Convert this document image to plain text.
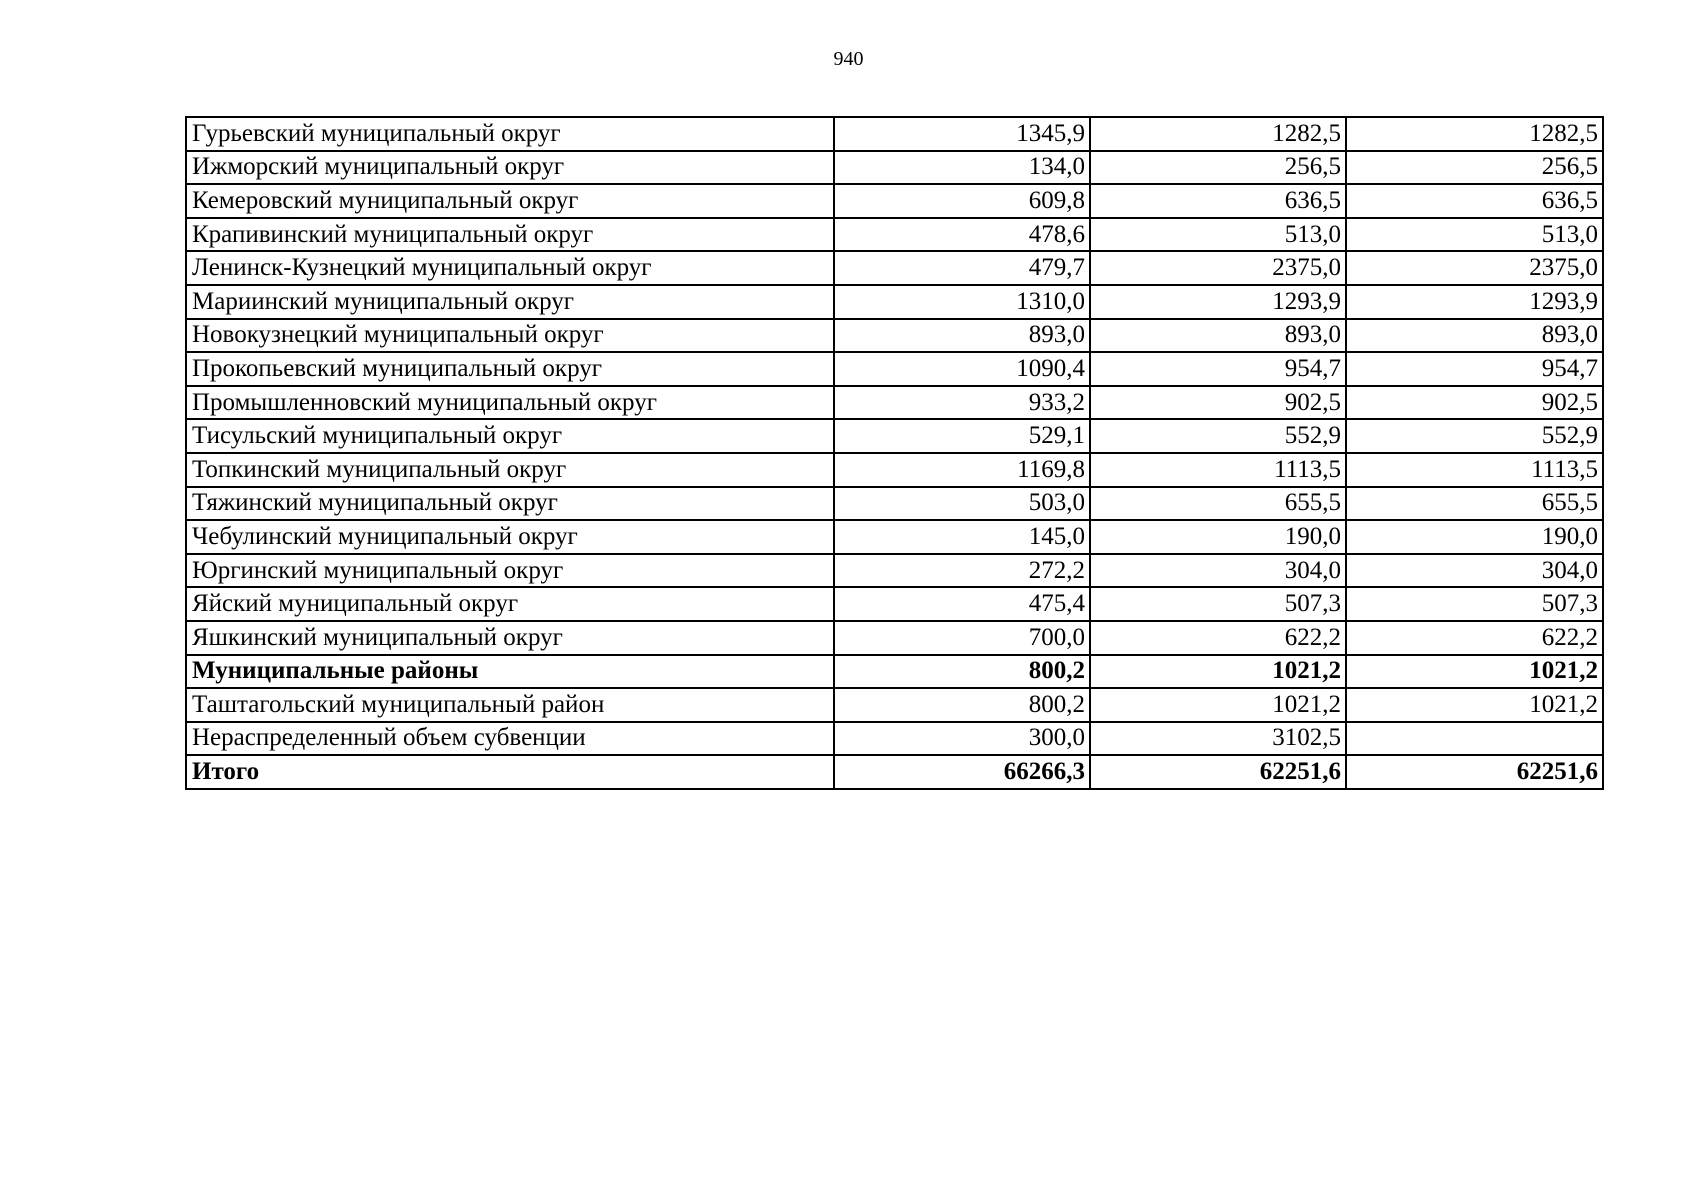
940
Гурьевский муниципальный округ	1345,9	1282,5	1282,5
Ижморский муниципальный округ	134,0	256,5	256,5
Кемеровский муниципальный округ	609,8	636,5	636,5
Крапивинский муниципальный округ	478,6	513,0	513,0
Ленинск-Кузнецкий муниципальный округ	479,7	2375,0	2375,0
Мариинский муниципальный округ	1310,0	1293,9	1293,9
Новокузнецкий муниципальный округ	893,0	893,0	893,0
Прокопьевский муниципальный округ	1090,4	954,7	954,7
Промышленновский муниципальный округ	933,2	902,5	902,5
Тисульский муниципальный округ	529,1	552,9	552,9
Топкинский муниципальный округ	1169,8	1113,5	1113,5
Тяжинский муниципальный округ	503,0	655,5	655,5
Чебулинский муниципальный округ	145,0	190,0	190,0
Юргинский муниципальный округ	272,2	304,0	304,0
Яйский муниципальный округ	475,4	507,3	507,3
Яшкинский муниципальный округ	700,0	622,2	622,2
Муниципальные районы	800,2	1021,2	1021,2
Таштагольский муниципальный район	800,2	1021,2	1021,2
Нераспределенный объем субвенции	300,0	3102,5	
Итого	66266,3	62251,6	62251,6
